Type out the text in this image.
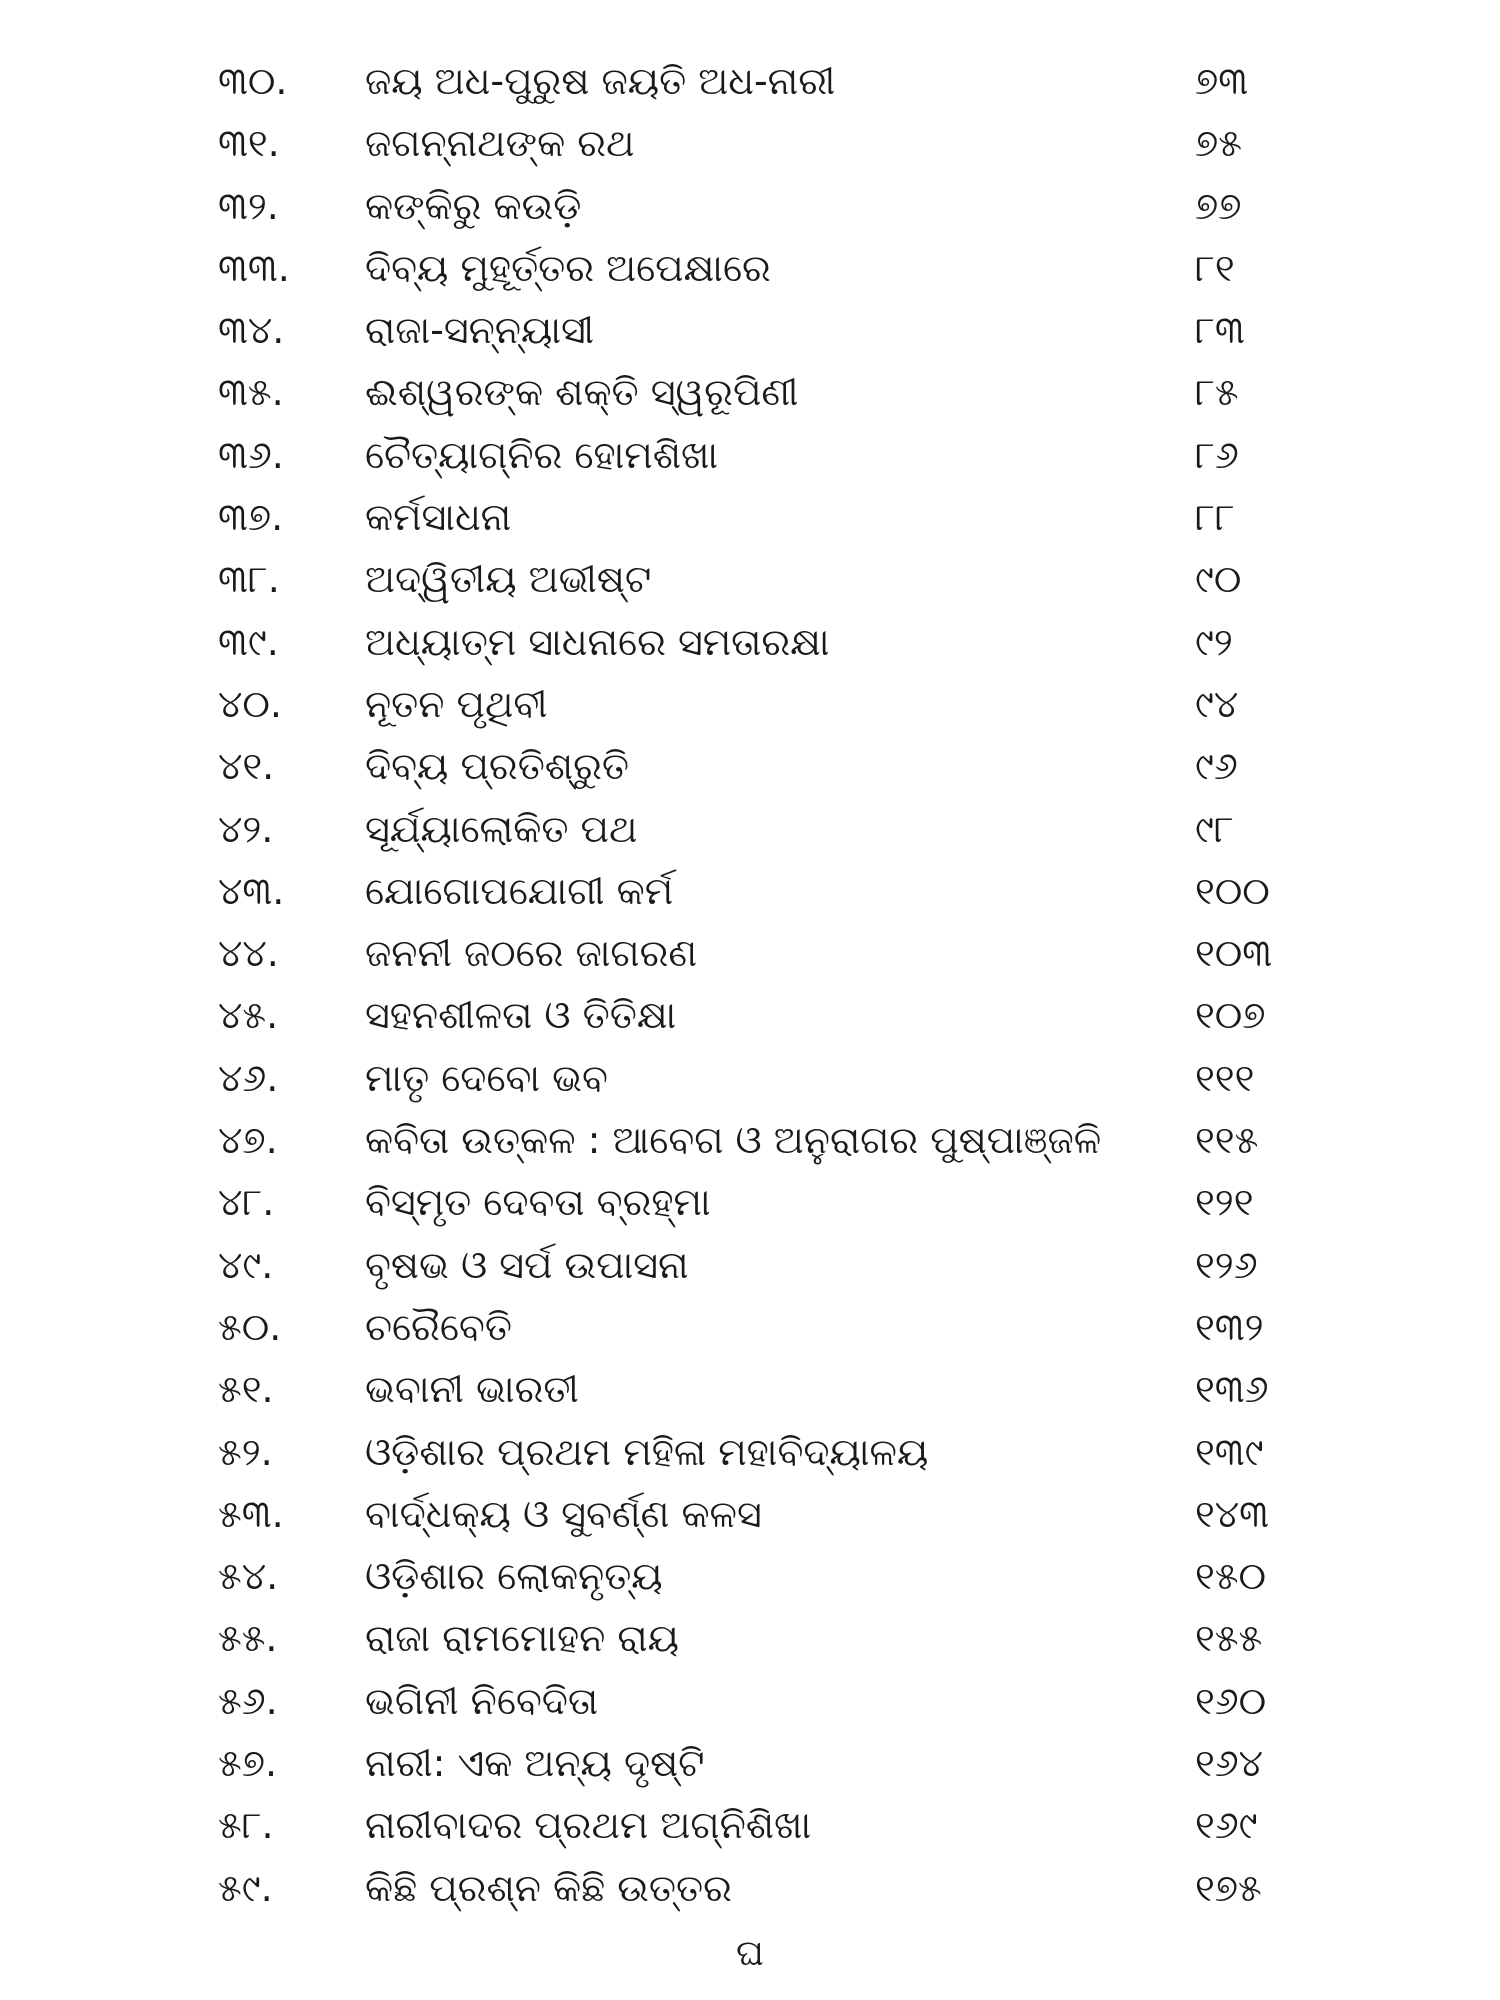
୩୦. ଜୟ ଅଧ-ପୁରୁଷ ଜୟତି ଅଧ-ନାରୀ	୭୩
୩୧. ଜଗନ୍ନାଥଙ୍କ ରଥ	୭୫
୩୨. କଙ୍କିରୁ କଉଡ଼ି	୭୭
୩୩. ଦିବ୍ୟ ମୁହୂର୍ତ୍ତର ଅପେକ୍ଷାରେ	୮୧
୩୪. ରାଜା-ସନ୍ନ୍ୟାସୀ	୮୩
୩୫. ଈଶ୍ୱରଙ୍କ ଶକ୍ତି ସ୍ୱରୂପିଣୀ	୮୫
୩୬. ଚୈତ୍ୟାଗ୍ନିର ହୋମଶିଖା	୮୬
୩୭. କର୍ମସାଧନା	୮୮
୩୮. ଅଦ୍ୱିତୀୟ ଅଭୀଷ୍ଟ	୯୦
୩୯. ଅଧ୍ୟାତ୍ମ ସାଧନାରେ ସମତାରକ୍ଷା	୯୨
୪୦. ନୂତନ ପୃଥିବୀ	୯୪
୪୧. ଦିବ୍ୟ ପ୍ରତିଶ୍ରୁତି	୯୬
୪୨. ସୂର୍ଯ୍ୟାଲୋକିତ ପଥ	୯୮
୪୩. ଯୋଗୋପଯୋଗୀ କର୍ମ	୧୦୦
୪୪. ଜନନୀ ଜଠରେ ଜାଗରଣ	୧୦୩
୪୫. ସହନଶୀଳତା ଓ ତିତିକ୍ଷା	୧୦୭
୪୬. ମାତୃ ଦେବୋ ଭବ	୧୧୧
୪୭. କବିତା ଉତ୍କଳ : ଆବେଗ ଓ ଅନୁରାଗର ପୁଷ୍ପାଞ୍ଜଳି ୧୧୫
୪୮. ବିସ୍ମୃତ ଦେବତା ବ୍ରହ୍ମା	୧୨୧
୪୯. ବୃଷଭ ଓ ସର୍ପ ଉପାସନା	୧୨୬
୫୦. ଚରୈବେତି	୧୩୨
୫୧. ଭବାନୀ ଭାରତୀ	୧୩୬
୫୨. ଓଡ଼ିଶାର ପ୍ରଥମ ମହିଳା ମହାବିଦ୍ୟାଳୟ	୧୩୯
୫୩. ବାର୍ଦ୍ଧକ୍ୟ ଓ ସୁବର୍ଣ୍ଣ କଳସ	୧୪୩
୫୪. ଓଡ଼ିଶାର ଲୋକନୃତ୍ୟ	୧୫୦
୫୫. ରାଜା ରାମମୋହନ ରାୟ	୧୫୫
୫୬. ଭଗିନୀ ନିବେଦିତା	୧୬୦
୫୭. ନାରୀ: ଏକ ଅନ୍ୟ ଦୃଷ୍ଟି	୧୬୪
୫୮. ନାରୀବାଦର ପ୍ରଥମ ଅଗ୍ନିଶିଖା	୧୬୯
୫୯. କିଛି ପ୍ରଶ୍ନ କିଛି ଉତ୍ତର	୧୭୫
ଘ
